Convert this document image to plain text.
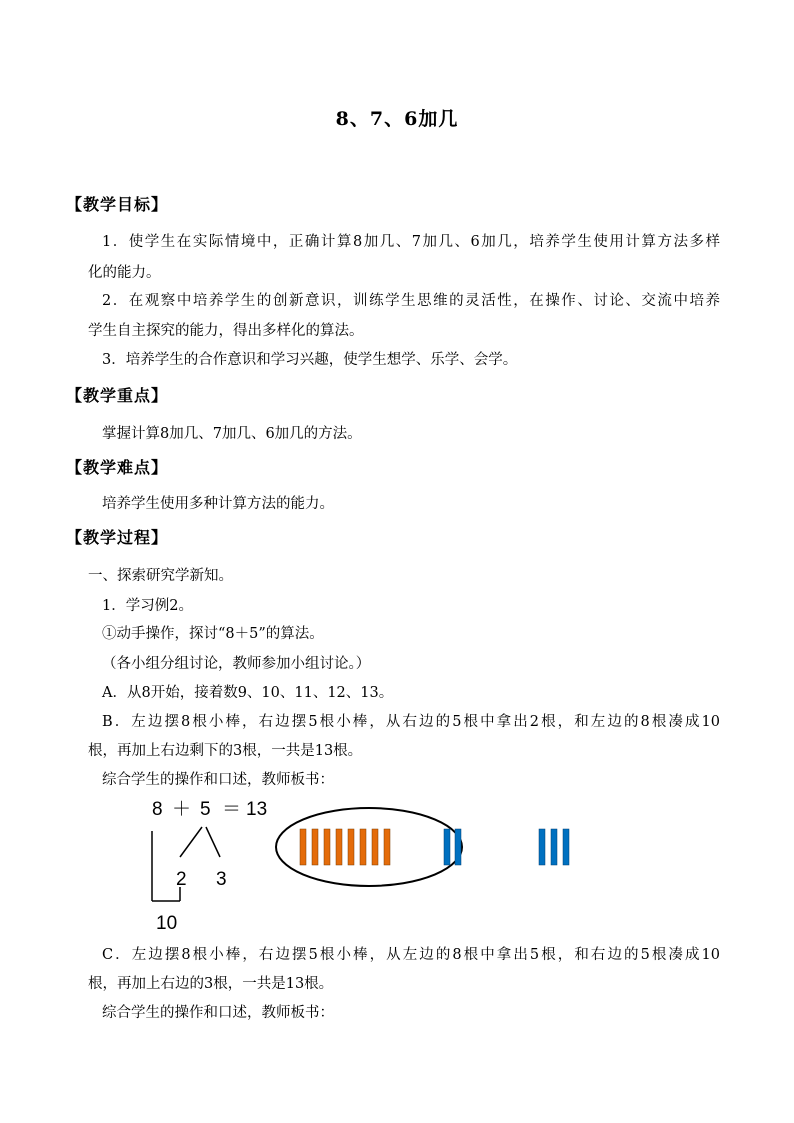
8、7、6加几
【教学目标】
1．使学生在实际情境中，正确计算8加几、7加几、6加几，培养学生使用计算方法多样
化的能力。
2．在观察中培养学生的创新意识，训练学生思维的灵活性，在操作、讨论、交流中培养
学生自主探究的能力，得出多样化的算法。
3．培养学生的合作意识和学习兴趣，使学生想学、乐学、会学。
【教学重点】
掌握计算8加几、7加几、6加几的方法。
【教学难点】
培养学生使用多种计算方法的能力。
【教学过程】
一、探索研究学新知。
1．学习例2。
①动手操作，探讨“8＋5”的算法。
（各小组分组讨论，教师参加小组讨论。）
A．从8开始，接着数9、10、11、12、13。
B．左边摆8根小棒，右边摆5根小棒，从右边的5根中拿出2根，和左边的8根凑成10
根，再加上右边剩下的3根，一共是13根。
综合学生的操作和口述，教师板书：
8 ＋ 5 ＝ 13
2 3
10
C．左边摆8根小棒，右边摆5根小棒，从左边的8根中拿出5根，和右边的5根凑成10
根，再加上右边的3根，一共是13根。
综合学生的操作和口述，教师板书：
